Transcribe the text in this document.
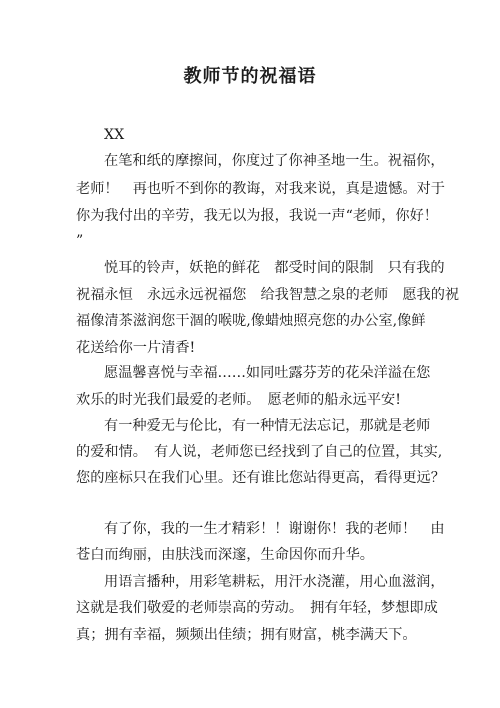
教师节的祝福语
XX
在笔和纸的摩擦间，你度过了你神圣地一生。祝福你，
老师！　再也听不到你的教诲，对我来说，真是遗憾。对于
你为我付出的辛劳，我无以为报，我说一声“老师，你好！
”
悦耳的铃声，妖艳的鲜花　都受时间的限制　只有我的
祝福永恒　永远永远祝福您　给我智慧之泉的老师　愿我的祝
福像清茶滋润您干涸的喉咙,像蜡烛照亮您的办公室,像鲜
花送给你一片清香!
愿温馨喜悦与幸福……如同吐露芬芳的花朵洋溢在您
欢乐的时光我们最爱的老师。　愿老师的船永远平安!
有一种爱无与伦比，有一种情无法忘记，那就是老师
的爱和情。　有人说，老师您已经找到了自己的位置，其实,
您的座标只在我们心里。还有谁比您站得更高，看得更远？
有了你，我的一生才精彩！！谢谢你！我的老师！　由
苍白而绚丽，由肤浅而深邃，生命因你而升华。
用语言播种，用彩笔耕耘，用汗水浇灌，用心血滋润，
这就是我们敬爱的老师崇高的劳动。　拥有年轻，梦想即成
真；拥有幸福，频频出佳绩；拥有财富，桃李满天下。
